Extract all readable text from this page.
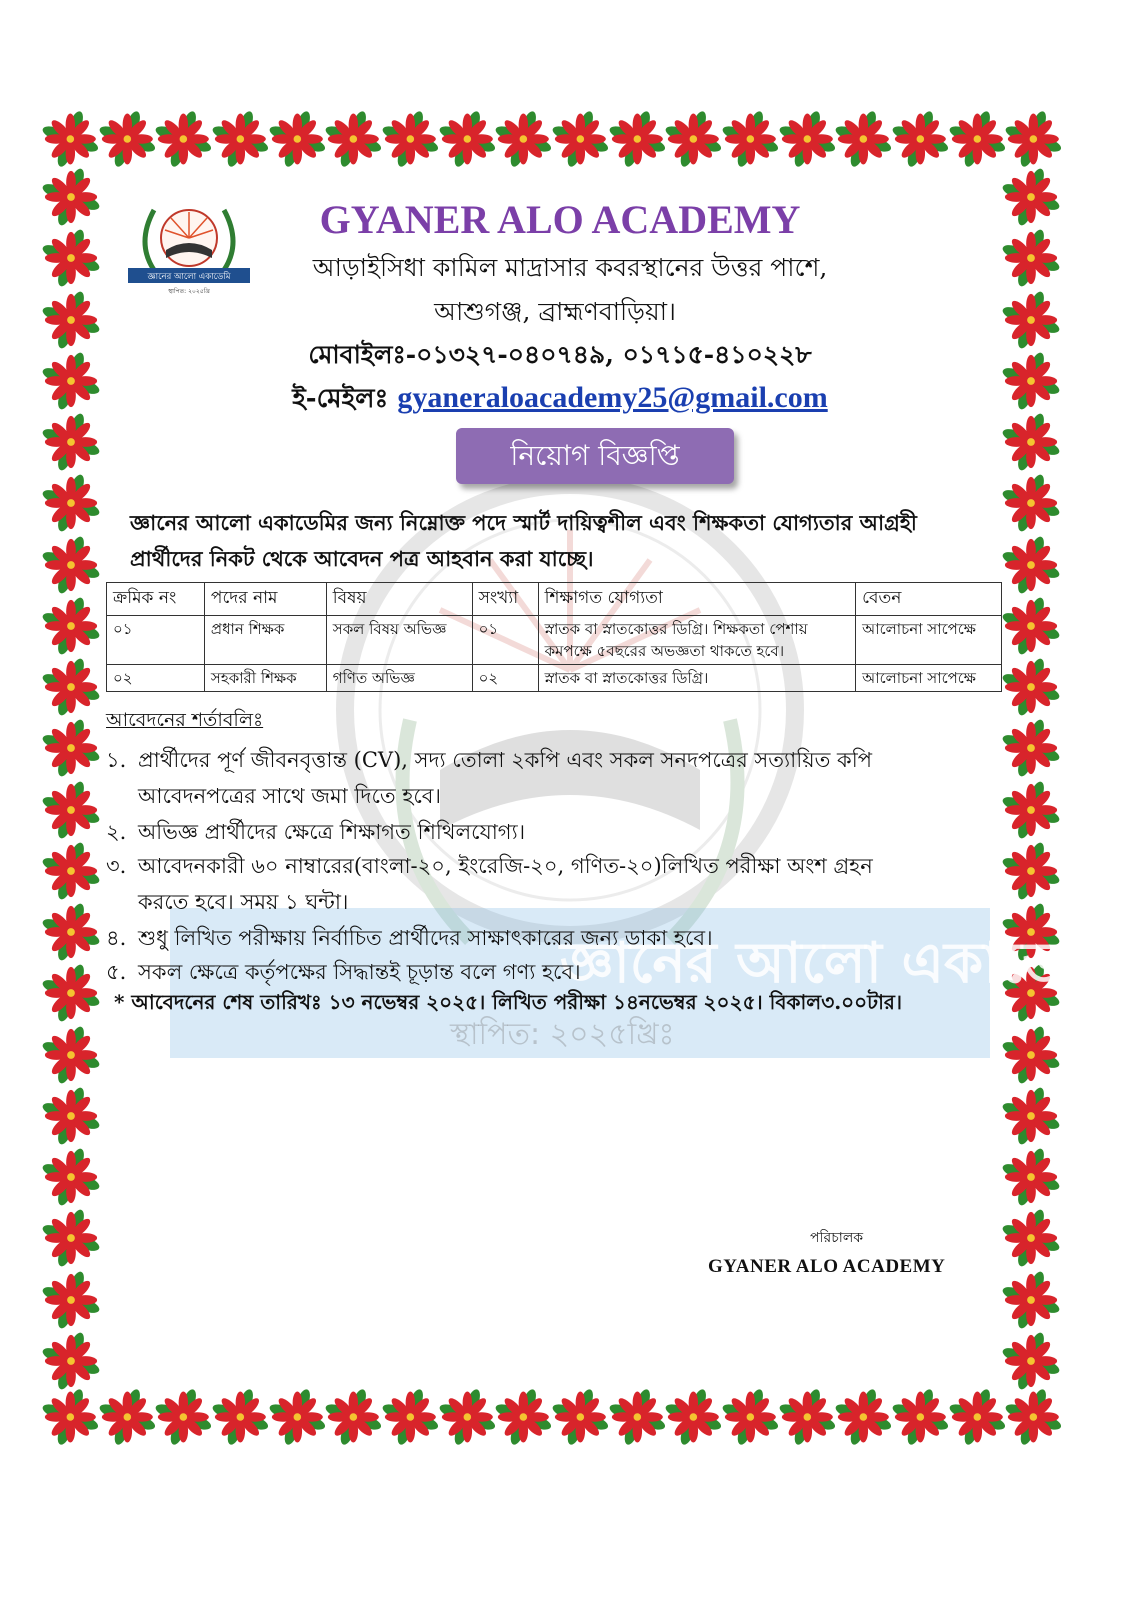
জ্ঞানের আলো একাডেমি
স্থাপিত: ২০২৫খ্রিঃ
জ্ঞানের আলো একাডেমি
স্থাপিত: ২০২৫খ্রি
GYANER ALO ACADEMY
আড়াইসিধা কামিল মাদ্রাসার কবরস্থানের উত্তর পাশে,
আশুগঞ্জ, ব্রাহ্মণবাড়িয়া।
মোবাইলঃ-০১৩২৭-০৪০৭৪৯, ০১৭১৫-৪১০২২৮
ই-মেইলঃ gyaneraloacademy25@gmail.com
নিয়োগ বিজ্ঞপ্তি
জ্ঞানের আলো একাডেমির জন্য নিম্নোক্ত পদে স্মার্ট দায়িত্বশীল এবং শিক্ষকতা যোগ্যতার আগ্রহী প্রার্থীদের নিকট থেকে আবেদন পত্র আহবান করা যাচ্ছে।
ক্রমিক নং	পদের নাম	বিষয়	সংখ্যা	শিক্ষাগত যোগ্যতা	বেতন
০১	প্রধান শিক্ষক	সকল বিষয় অভিজ্ঞ	০১	স্নাতক বা স্নাতকোত্তর ডিগ্রি। শিক্ষকতা পেশায় কমপক্ষে ৫বছরের অভজ্ঞতা থাকতে হবে।	আলোচনা সাপেক্ষে
০২	সহকারী শিক্ষক	গণিত অভিজ্ঞ	০২	স্নাতক বা স্নাতকোত্তর ডিগ্রি।	আলোচনা সাপেক্ষে
আবেদনের শর্তাবলিঃ
১. প্রার্থীদের পূর্ণ জীবনবৃত্তান্ত (CV), সদ্য তোলা ২কপি এবং সকল সনদপত্রের সত্যায়িত কপি
আবেদনপত্রের সাথে জমা দিতে হবে।
২. অভিজ্ঞ প্রার্থীদের ক্ষেত্রে শিক্ষাগত শিথিলযোগ্য।
৩. আবেদনকারী ৬০ নাম্বারের(বাংলা-২০, ইংরেজি-২০, গণিত-২০)লিখিত পরীক্ষা অংশ গ্রহন
করতে হবে। সময় ১ ঘন্টা।
৪. শুধু লিখিত পরীক্ষায় নির্বাচিত প্রার্থীদের সাক্ষাৎকারের জন্য ডাকা হবে।
৫. সকল ক্ষেত্রে কর্তৃপক্ষের সিদ্ধান্তই চূড়ান্ত বলে গণ্য হবে।
* আবেদনের শেষ তারিখঃ ১৩ নভেম্বর ২০২৫। লিখিত পরীক্ষা ১৪নভেম্বর ২০২৫। বিকাল৩.০০টার।
পরিচালক
GYANER ALO ACADEMY
